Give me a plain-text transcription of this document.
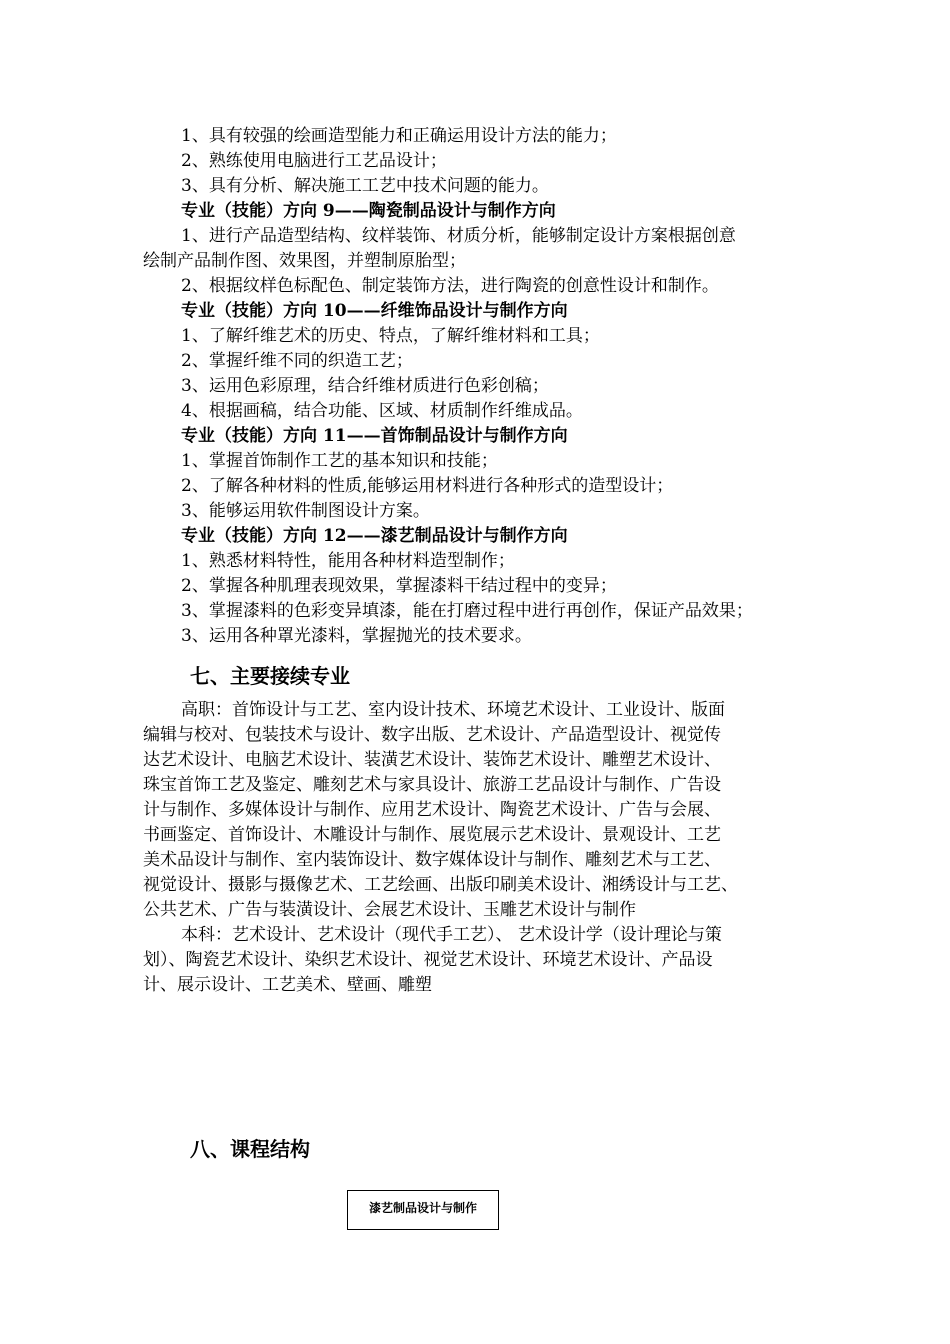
1、具有较强的绘画造型能力和正确运用设计方法的能力；
2、熟练使用电脑进行工艺品设计；
3、具有分析、解决施工工艺中技术问题的能力。
专业（技能）方向 9——陶瓷制品设计与制作方向
1、进行产品造型结构、纹样装饰、材质分析，能够制定设计方案根据创意
绘制产品制作图、效果图，并塑制原胎型；
2、根据纹样色标配色、制定装饰方法，进行陶瓷的创意性设计和制作。
专业（技能）方向 10——纤维饰品设计与制作方向
1、了解纤维艺术的历史、特点，了解纤维材料和工具；
2、掌握纤维不同的织造工艺；
3、运用色彩原理，结合纤维材质进行色彩创稿；
4、根据画稿，结合功能、区域、材质制作纤维成品。
专业（技能）方向 11——首饰制品设计与制作方向
1、掌握首饰制作工艺的基本知识和技能；
2、了解各种材料的性质,能够运用材料进行各种形式的造型设计；
3、能够运用软件制图设计方案。
专业（技能）方向 12——漆艺制品设计与制作方向
1、熟悉材料特性，能用各种材料造型制作；
2、掌握各种肌理表现效果，掌握漆料干结过程中的变异；
3、掌握漆料的色彩变异填漆，能在打磨过程中进行再创作，保证产品效果；
3、运用各种罩光漆料，掌握抛光的技术要求。
七、主要接续专业
高职：首饰设计与工艺、室内设计技术、环境艺术设计、工业设计、版面
编辑与校对、包装技术与设计、数字出版、艺术设计、产品造型设计、视觉传
达艺术设计、电脑艺术设计、装潢艺术设计、装饰艺术设计、雕塑艺术设计、
珠宝首饰工艺及鉴定、雕刻艺术与家具设计、旅游工艺品设计与制作、广告设
计与制作、多媒体设计与制作、应用艺术设计、陶瓷艺术设计、广告与会展、
书画鉴定、首饰设计、木雕设计与制作、展览展示艺术设计、景观设计、工艺
美术品设计与制作、室内装饰设计、数字媒体设计与制作、雕刻艺术与工艺、
视觉设计、摄影与摄像艺术、工艺绘画、出版印刷美术设计、湘绣设计与工艺、
公共艺术、广告与装潢设计、会展艺术设计、玉雕艺术设计与制作
本科：艺术设计、艺术设计（现代手工艺）、 艺术设计学（设计理论与策
划）、陶瓷艺术设计、染织艺术设计、视觉艺术设计、环境艺术设计、产品设
计、展示设计、工艺美术、壁画、雕塑
八、课程结构
漆艺制品设计与制作
